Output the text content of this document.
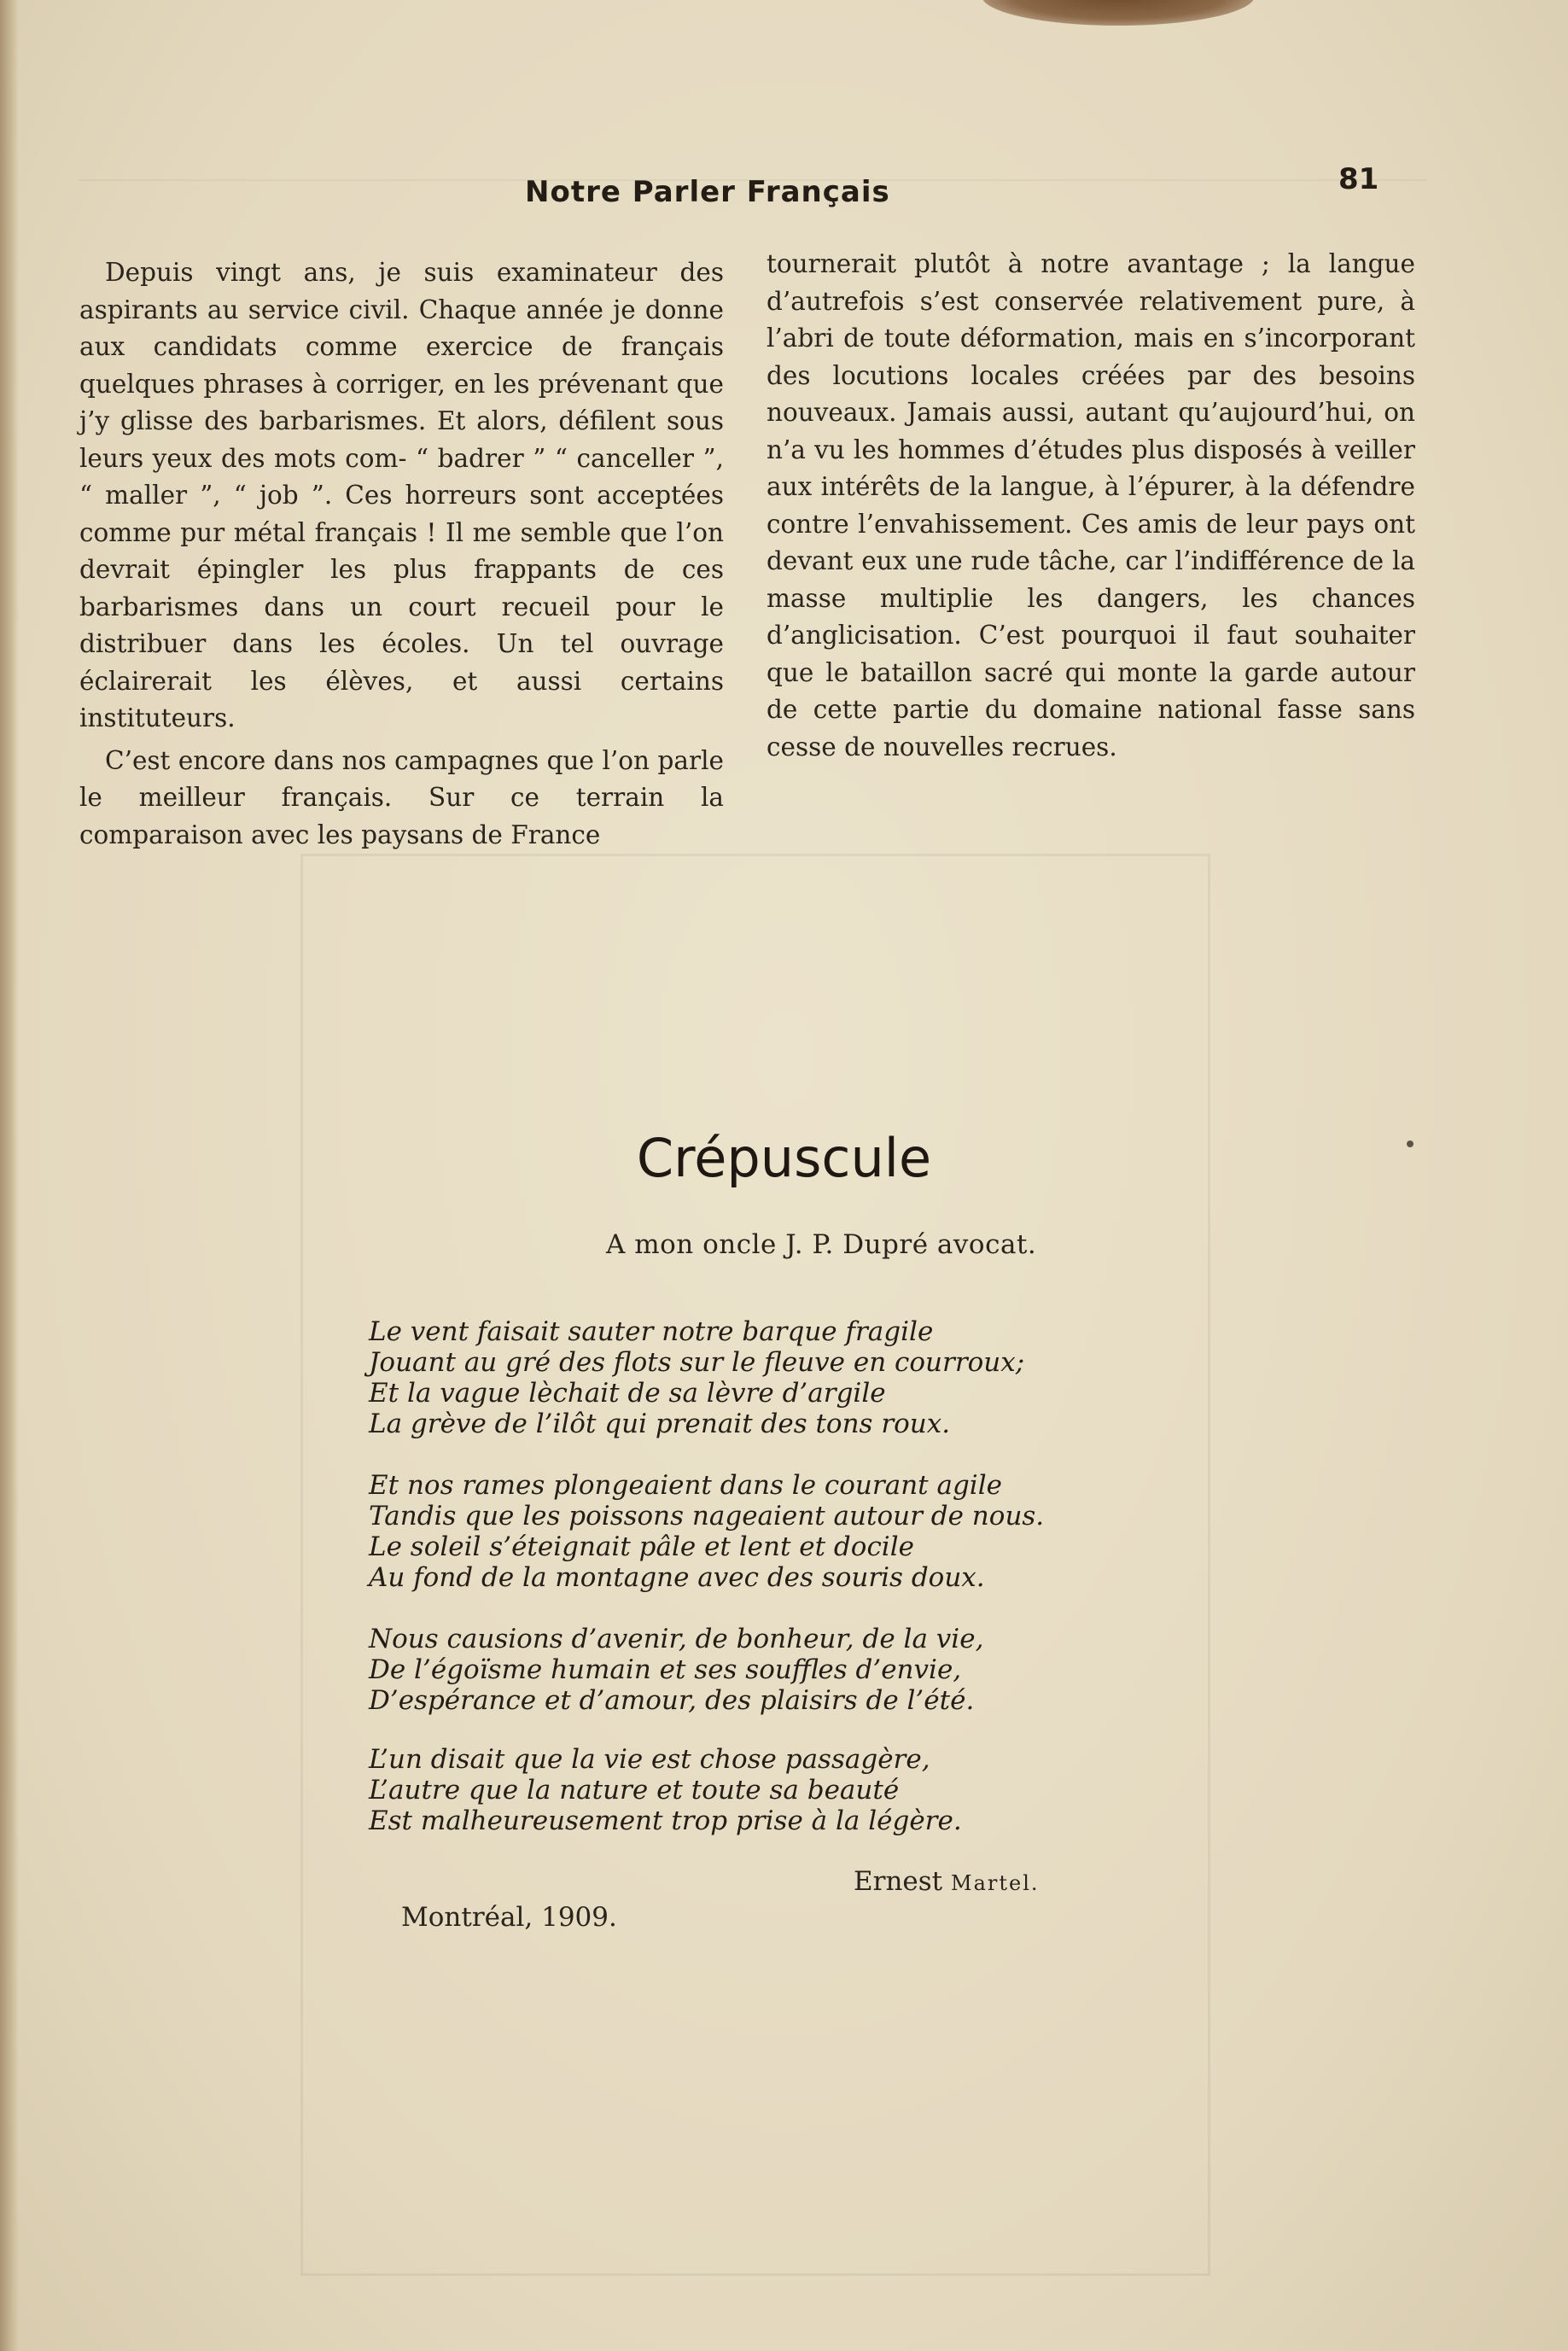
Notre Parler Français	81

Depuis vingt ans, je suis examinateur des aspirants au service civil. Chaque année je donne aux candidats comme exercice de français quelques phrases à corriger, en les prévenant que j’y glisse des barbarismes. Et alors, défilent sous leurs yeux des mots com- “ badrer ” “ canceller ”, “ maller ”, “ job ”. Ces horreurs sont acceptées comme pur métal français ! Il me semble que l’on devrait épingler les plus frappants de ces barbarismes dans un court recueil pour le distribuer dans les écoles. Un tel ouvrage éclairerait les élèves, et aussi certains instituteurs.

C’est encore dans nos campagnes que l’on parle le meilleur français. Sur ce terrain la comparaison avec les paysans de France

tournerait plutôt à notre avantage ; la langue d’autrefois s’est conservée relativement pure, à l’abri de toute déformation, mais en s’incorporant des locutions locales créées par des besoins nouveaux. Jamais aussi, autant qu’aujourd’hui, on n’a vu les hommes d’études plus disposés à veiller aux intérêts de la langue, à l’épurer, à la défendre contre l’envahissement. Ces amis de leur pays ont devant eux une rude tâche, car l’indifférence de la masse multiplie les dangers, les chances d’anglicisation. C’est pourquoi il faut souhaiter que le bataillon sacré qui monte la garde autour de cette partie du domaine national fasse sans cesse de nouvelles recrues.

Crépuscule
A mon oncle J. P. Dupré avocat.
Le vent faisait sauter notre barque fragile
Jouant au gré des flots sur le fleuve en courroux;
Et la vague lèchait de sa lèvre d’argile
La grève de l’ilôt qui prenait des tons roux.
Et nos rames plongeaient dans le courant agile
Tandis que les poissons nageaient autour de nous.
Le soleil s’éteignait pâle et lent et docile
Au fond de la montagne avec des souris doux.
Nous causions d’avenir, de bonheur, de la vie,
De l’égoïsme humain et ses souffles d’envie,
D’espérance et d’amour, des plaisirs de l’été.
L’un disait que la vie est chose passagère,
L’autre que la nature et toute sa beauté
Est malheureusement trop prise à la légère.
Ernest Martel.
Montréal, 1909.
